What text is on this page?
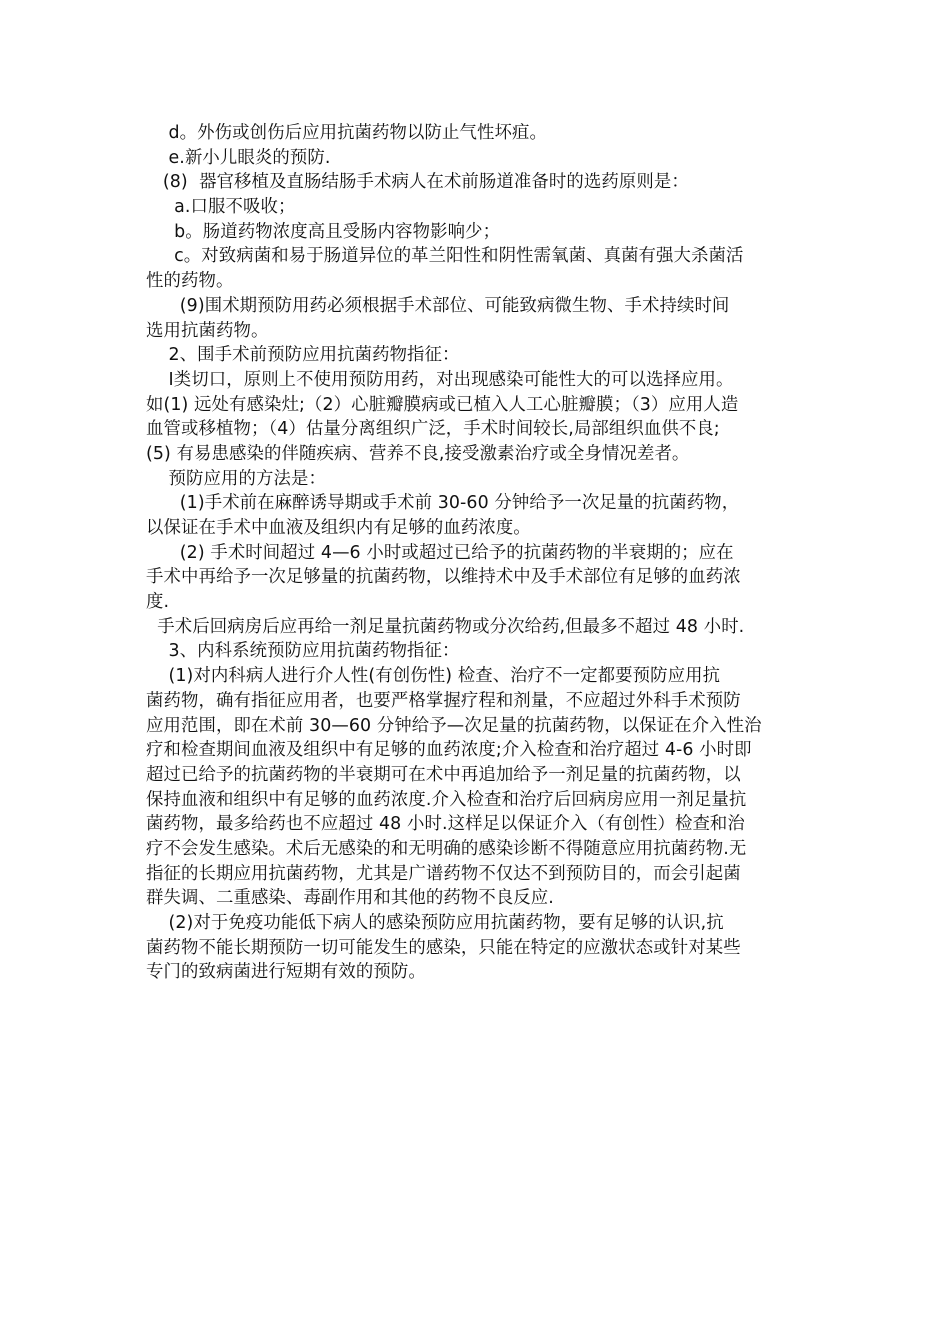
d。外伤或创伤后应用抗菌药物以防止气性坏疽。
e.新小儿眼炎的预防.
(8)  器官移植及直肠结肠手术病人在术前肠道准备时的选药原则是：
a.口服不吸收；
b。肠道药物浓度高且受肠内容物影响少；
c。对致病菌和易于肠道异位的革兰阳性和阴性需氧菌、真菌有强大杀菌活
性的药物。
(9)围术期预防用药必须根据手术部位、可能致病微生物、手术持续时间
选用抗菌药物。
2、围手术前预防应用抗菌药物指征：
Ⅰ类切口，原则上不使用预防用药，对出现感染可能性大的可以选择应用。
如(1) 远处有感染灶;（2）心脏瓣膜病或已植入人工心脏瓣膜；（3）应用人造
血管或移植物；（4）估量分离组织广泛，手术时间较长,局部组织血供不良;
(5) 有易患感染的伴随疾病、营养不良,接受激素治疗或全身情况差者。
预防应用的方法是：
(1)手术前在麻醉诱导期或手术前 30-60 分钟给予一次足量的抗菌药物，
以保证在手术中血液及组织内有足够的血药浓度。
(2) 手术时间超过 4—6 小时或超过已给予的抗菌药物的半衰期的；应在
手术中再给予一次足够量的抗菌药物，以维持术中及手术部位有足够的血药浓
度.
手术后回病房后应再给一剂足量抗菌药物或分次给药,但最多不超过 48 小时.
3、内科系统预防应用抗菌药物指征：
(1)对内科病人进行介人性(有创伤性) 检查、治疗不一定都要预防应用抗
菌药物，确有指征应用者，也要严格掌握疗程和剂量，不应超过外科手术预防
应用范围，即在术前 30—60 分钟给予—次足量的抗菌药物，以保证在介入性治
疗和检查期间血液及组织中有足够的血药浓度;介入检查和治疗超过 4-6 小时即
超过已给予的抗菌药物的半衰期可在术中再追加给予一剂足量的抗菌药物，以
保持血液和组织中有足够的血药浓度.介入检查和治疗后回病房应用一剂足量抗
菌药物，最多给药也不应超过 48 小时.这样足以保证介入（有创性）检查和治
疗不会发生感染。术后无感染的和无明确的感染诊断不得随意应用抗菌药物.无
指征的长期应用抗菌药物，尤其是广谱药物不仅达不到预防目的，而会引起菌
群失调、二重感染、毒副作用和其他的药物不良反应.
(2)对于免疫功能低下病人的感染预防应用抗菌药物，要有足够的认识,抗
菌药物不能长期预防一切可能发生的感染，只能在特定的应激状态或针对某些
专门的致病菌进行短期有效的预防。
